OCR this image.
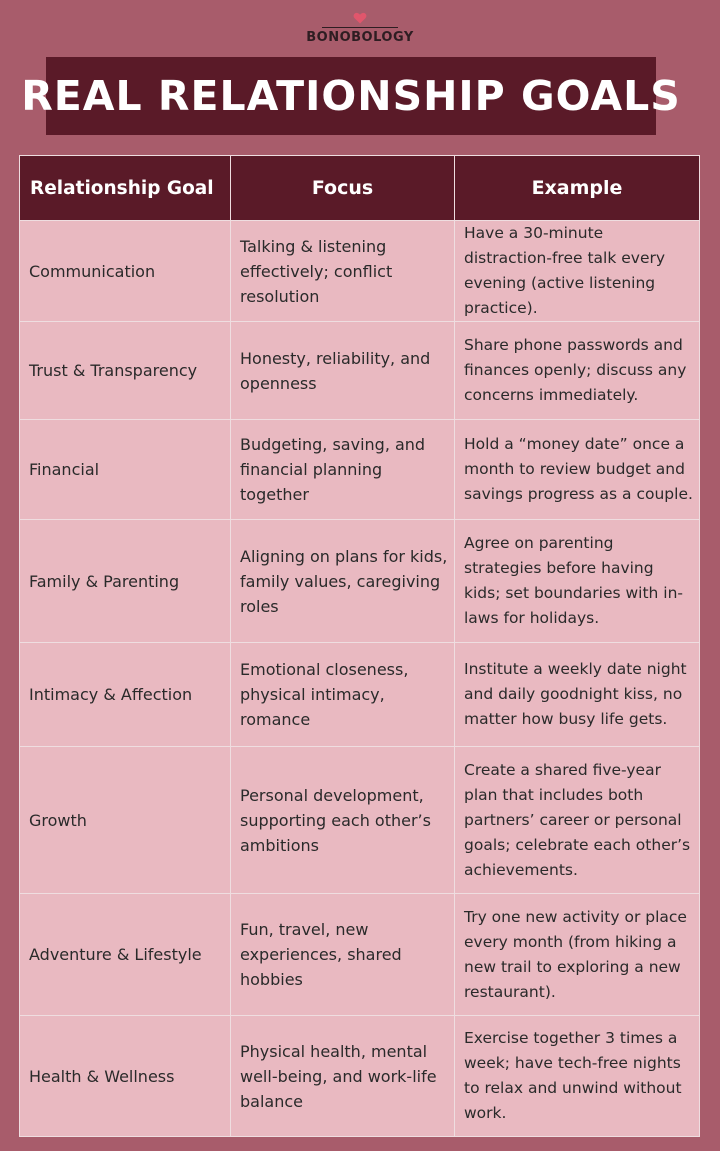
BONOBOLOGY
REAL RELATIONSHIP GOALS
Relationship Goal	Focus	Example
Communication	Talking & listening effectively; conflict resolution	Have a 30-minute distraction-free talk every evening (active listening practice).
Trust & Transparency	Honesty, reliability, and openness	Share phone passwords and finances openly; discuss any concerns immediately.
Financial	Budgeting, saving, and financial planning together	Hold a “money date” once a month to review budget and savings progress as a couple.
Family & Parenting	Aligning on plans for kids, family values, caregiving roles	Agree on parenting strategies before having kids; set boundaries with in-laws for holidays.
Intimacy & Affection	Emotional closeness, physical intimacy, romance	Institute a weekly date night and daily goodnight kiss, no matter how busy life gets.
Growth	Personal development, supporting each other’s ambitions	Create a shared five-year plan that includes both partners’ career or personal goals; celebrate each other’s achievements.
Adventure & Lifestyle	Fun, travel, new experiences, shared hobbies	Try one new activity or place every month (from hiking a new trail to exploring a new restaurant).
Health & Wellness	Physical health, mental well-being, and work-life balance	Exercise together 3 times a week; have tech-free nights to relax and unwind without work.
